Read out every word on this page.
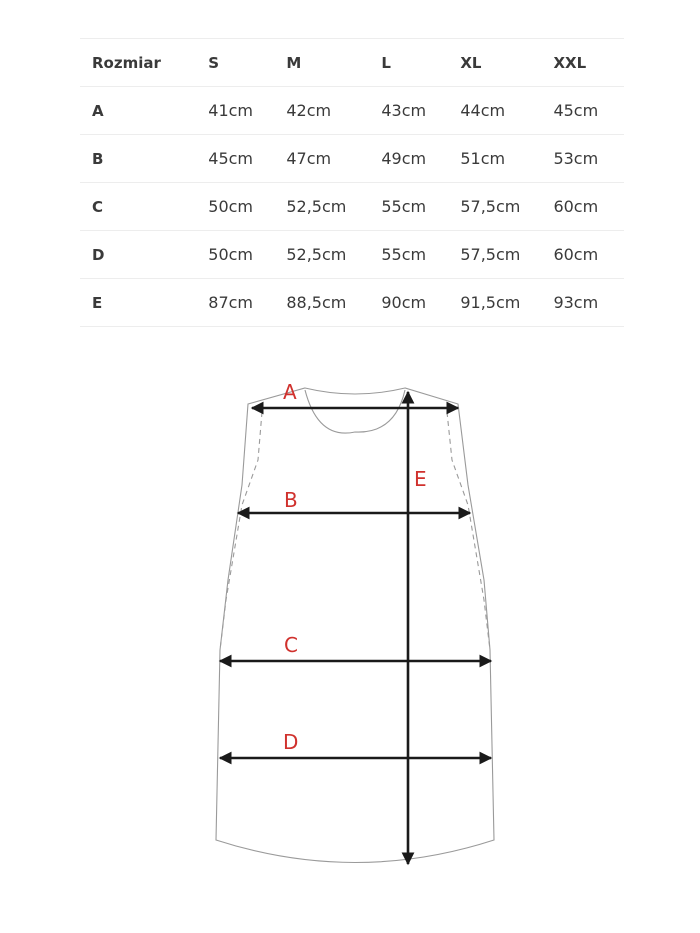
Rozmiar	S	M	L	XL	XXL
A	41cm	42cm	43cm	44cm	45cm
B	45cm	47cm	49cm	51cm	53cm
C	50cm	52,5cm	55cm	57,5cm	60cm
D	50cm	52,5cm	55cm	57,5cm	60cm
E	87cm	88,5cm	90cm	91,5cm	93cm
A
B
C
D
E
